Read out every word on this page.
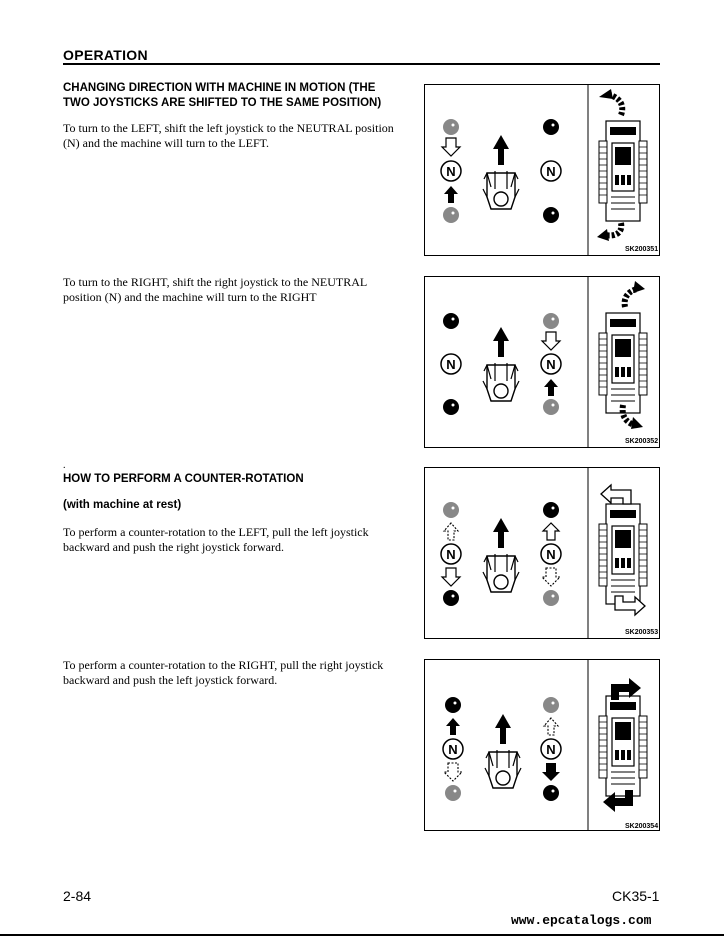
OPERATION
CHANGING DIRECTION WITH MACHINE IN MOTION (THE
TWO JOYSTICKS ARE SHIFTED TO THE SAME POSITION)
To turn to the LEFT, shift the left joystick to the NEUTRAL position
(N) and the machine will turn to the LEFT.
To turn to the RIGHT, shift the right joystick to the NEUTRAL
position (N) and the machine will turn to the RIGHT
.
HOW TO PERFORM A COUNTER-ROTATION
(with machine at rest)
To perform a counter-rotation to the LEFT, pull the left joystick
backward and push the right joystick forward.
To perform a counter-rotation to the RIGHT, pull the right joystick
backward and push the left joystick forward.
N	N
SK200351
N	N
SK200352
N	N
SK200353
N	N
SK200354
2-84	CK35-1
www.epcatalogs.com
